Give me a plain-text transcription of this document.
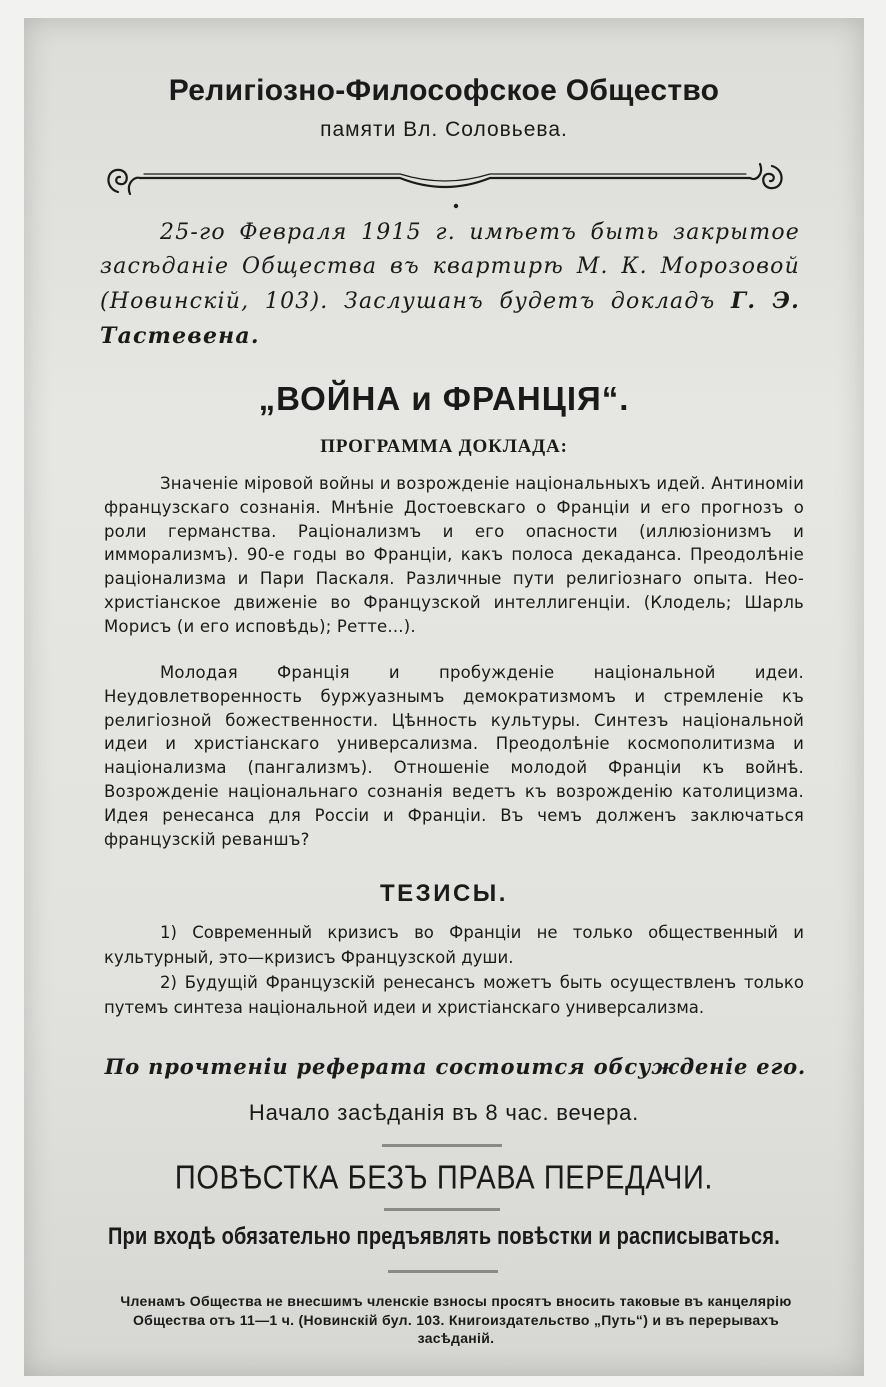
Религiозно-Философское Общество
памяти Вл. Соловьева.
25-го Февраля 1915 г. имѣетъ быть закрытое засѣданiе Общества въ квартирѣ М. К. Морозовой (Новинскiй, 103). Заслушанъ будетъ докладъ Г. Э. Тастевена.
„ВОЙНА и ФРАНЦIЯ“.
ПРОГРАММА ДОКЛАДА:

Значенiе мiровой войны и возрожденiе нацiональныхъ идей. Антиномiи французскаго сознанiя. Мнѣнiе Достоевскаго о Францiи и его прогнозъ о роли германства. Рацiонализмъ и его опасности (иллюзiонизмъ и имморализмъ). 90-е годы во Францiи, какъ полоса декаданса. Преодолѣнiе рацiонализма и Пари Паскаля. Различные пути религiознаго опыта. Нео-христiанское движенiе во Французской интеллигенцiи. (Клодель; Шарль Морисъ (и его исповѣдь); Ретте...).

Молодая Францiя и пробужденiе нацiональной идеи. Неудовлетворенность буржуазнымъ демократизмомъ и стремленiе къ религiозной божественности. Цѣнность культуры. Синтезъ нацiональной идеи и христiанскаго универсализма. Преодолѣнiе космополитизма и нацiонализма (пангализмъ). Отношенiе молодой Францiи къ войнѣ. Возрожденiе нацiональнаго сознанiя ведетъ къ возрожденiю католицизма. Идея ренесанса для Россiи и Францiи. Въ чемъ долженъ заключаться французскiй реваншъ?

ТЕЗИСЫ.

1) Современный кризисъ во Францiи не только общественный и культурный, это—кризисъ Французской души.

2) Будущiй Французскiй ренесансъ можетъ быть осуществленъ только путемъ синтеза нацiональной идеи и христiанскаго универсализма.

По прочтенiи реферата состоится обсужденiе его.
Начало засѣданiя въ 8 час. вечера.
ПОВѢСТКА БЕЗЪ ПРАВА ПЕРЕДАЧИ.
При входѣ обязательно предъявлять повѣстки и расписываться.
Членамъ Общества не внесшимъ членскiе взносы просятъ вносить таковые въ канцелярiю Общества отъ 11—1 ч. (Новинскiй бул. 103. Книгоиздательство „Путь“) и въ перерывахъ засѣданiй.
